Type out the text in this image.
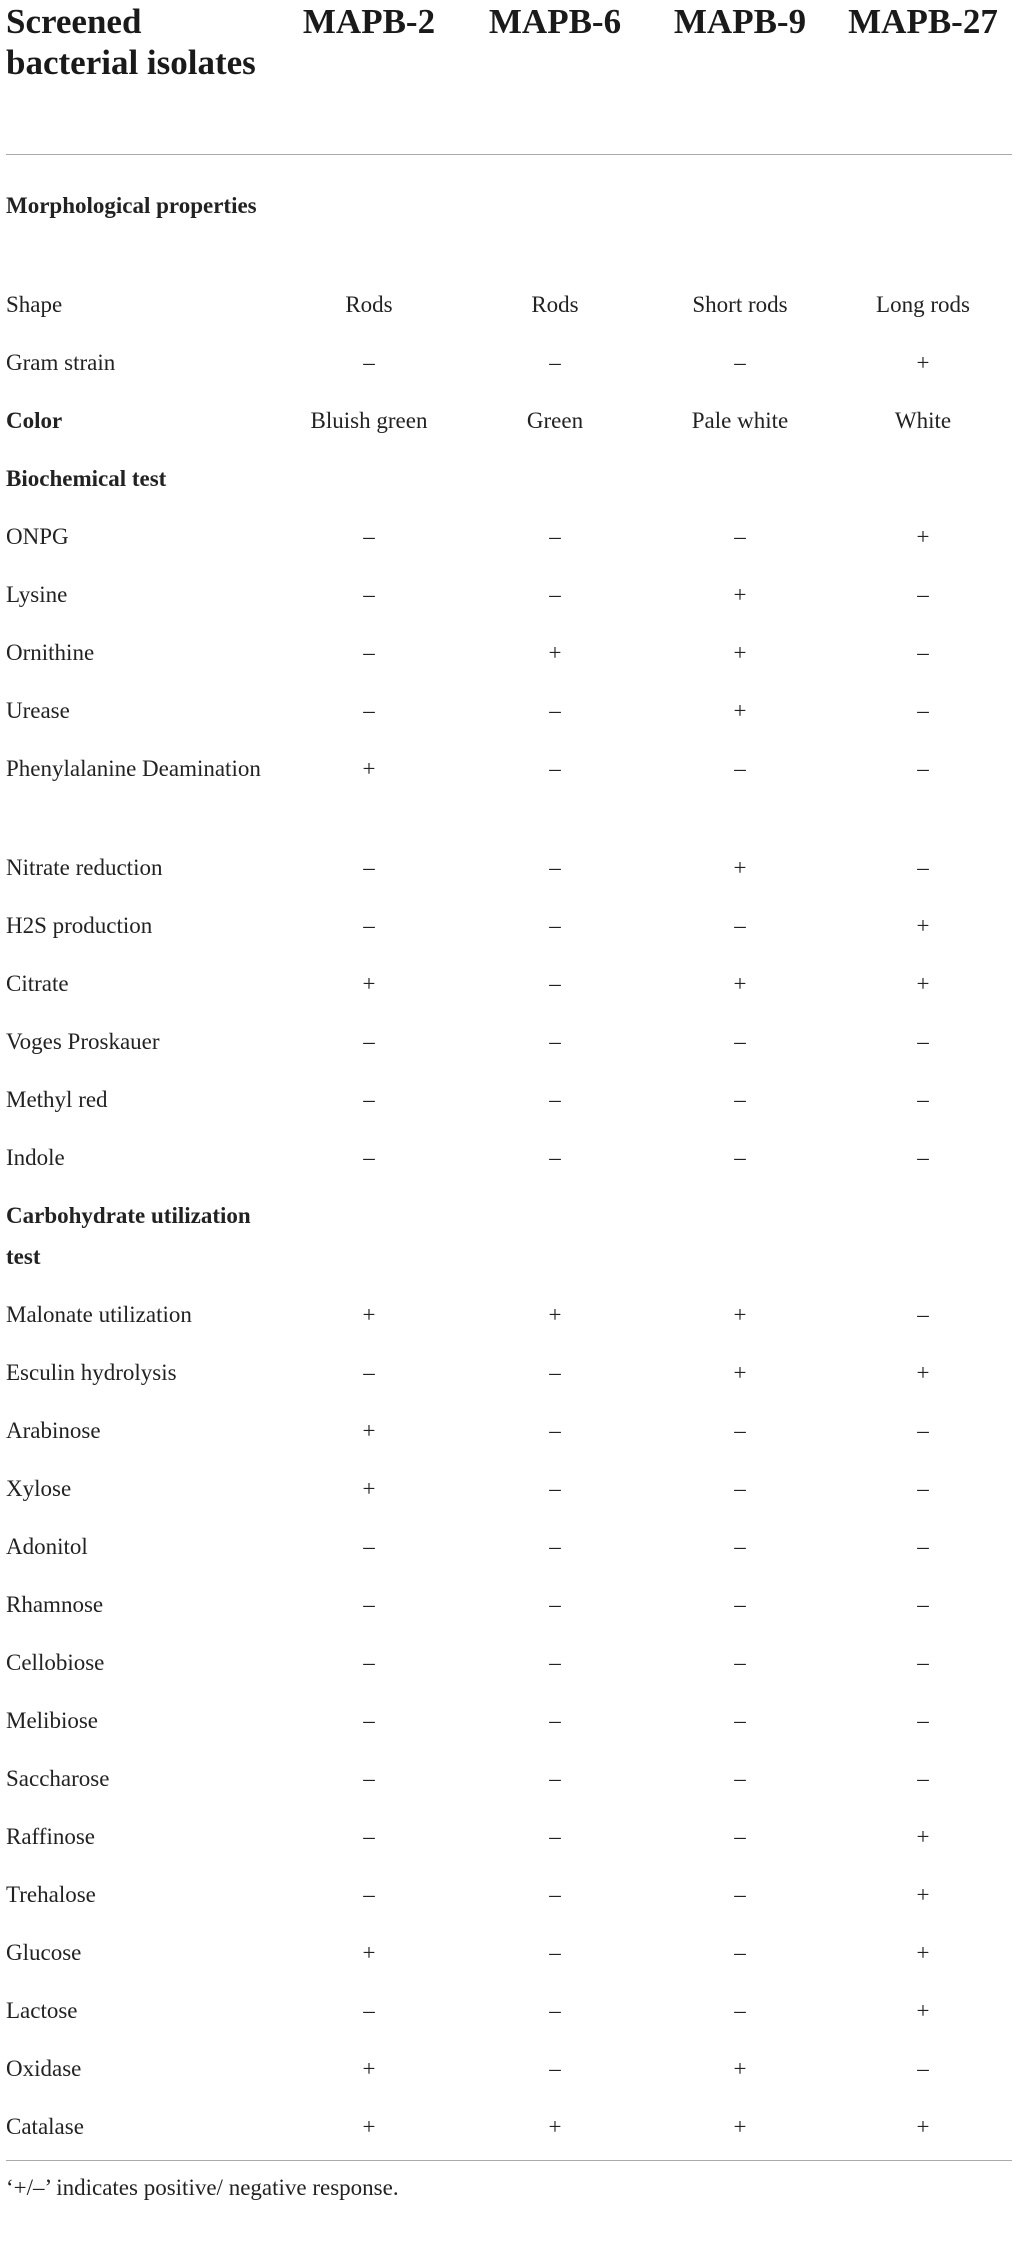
Screened bacterial isolates	MAPB-2	MAPB-6	MAPB-9	MAPB-27

Morphological properties				
Shape	Rods	Rods	Short rods	Long rods
Gram strain	–	–	–	+
Color	Bluish green	Green	Pale white	White
Biochemical test				
ONPG	–	–	–	+
Lysine	–	–	+	–
Ornithine	–	+	+	–
Urease	–	–	+	–
Phenylalanine Deamination	+	–	–	–
Nitrate reduction	–	–	+	–
H2S production	–	–	–	+
Citrate	+	–	+	+
Voges Proskauer	–	–	–	–
Methyl red	–	–	–	–
Indole	–	–	–	–
Carbohydrate utilization test				
Malonate utilization	+	+	+	–
Esculin hydrolysis	–	–	+	+
Arabinose	+	–	–	–
Xylose	+	–	–	–
Adonitol	–	–	–	–
Rhamnose	–	–	–	–
Cellobiose	–	–	–	–
Melibiose	–	–	–	–
Saccharose	–	–	–	–
Raffinose	–	–	–	+
Trehalose	–	–	–	+
Glucose	+	–	–	+
Lactose	–	–	–	+
Oxidase	+	–	+	–
Catalase	+	+	+	+
‘+/–’ indicates positive/ negative response.				
